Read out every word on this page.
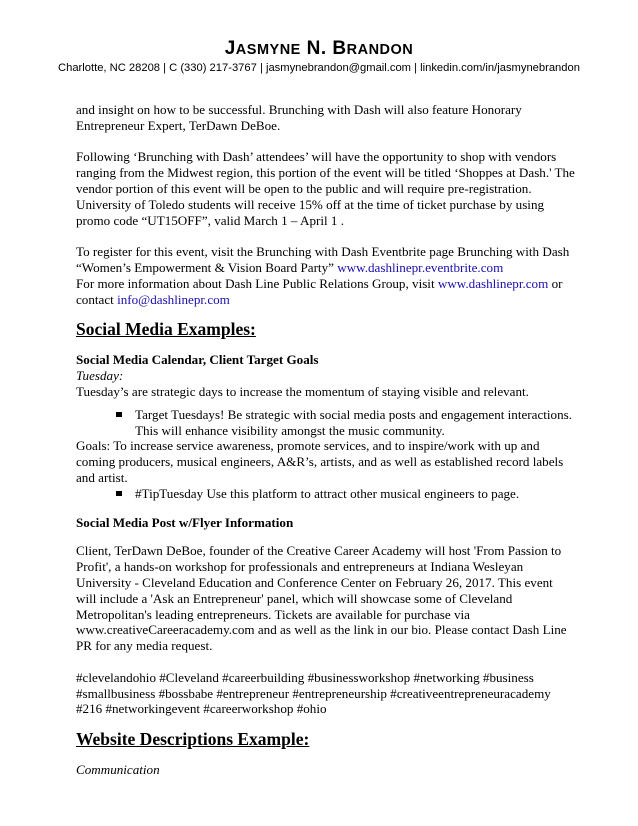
JASMYNE N. BRANDON
Charlotte, NC 28208 | C (330) 217-3767 | jasmynebrandon@gmail.com | linkedin.com/in/jasmynebrandon

and insight on how to be successful. Brunching with Dash will also feature Honorary Entrepreneur Expert, TerDawn DeBoe.

Following ‘Brunching with Dash’ attendees’ will have the opportunity to shop with vendors ranging from the Midwest region, this portion of the event will be titled ‘Shoppes at Dash.' The vendor portion of this event will be open to the public and will require pre-registration. University of Toledo students will receive 15% off at the time of ticket purchase by using promo code “UT15OFF”, valid March 1 – April 1 .

To register for this event, visit the Brunching with Dash Eventbrite page Brunching with Dash “Women’s Empowerment & Vision Board Party” www.dashlinepr.eventbrite.com
For more information about Dash Line Public Relations Group, visit www.dashlinepr.com or contact info@dashlinepr.com

Social Media Examples:

Social Media Calendar, Client Target Goals

Tuesday:

Tuesday’s are strategic days to increase the momentum of staying visible and relevant.

Target Tuesdays! Be strategic with social media posts and engagement interactions. This will enhance visibility amongst the music community.

Goals: To increase service awareness, promote services, and to inspire/work with up and coming producers, musical engineers, A&R’s, artists, and as well as established record labels and artist.

#TipTuesday Use this platform to attract other musical engineers to page.

Social Media Post w/Flyer Information

Client, TerDawn DeBoe, founder of the Creative Career Academy will host 'From Passion to Profit', a hands-on workshop for professionals and entrepreneurs at Indiana Wesleyan University - Cleveland Education and Conference Center on February 26, 2017. This event will include a 'Ask an Entrepreneur' panel, which will showcase some of Cleveland Metropolitan's leading entrepreneurs. Tickets are available for purchase via www.creativeCareeracademy.com and as well as the link in our bio. Please contact Dash Line PR for any media request.

#clevelandohio #Cleveland #careerbuilding #businessworkshop #networking #business #smallbusiness #bossbabe #entrepreneur #entrepreneurship #creativeentrepreneuracademy #216 #networkingevent #careerworkshop #ohio

Website Descriptions Example:

Communication
